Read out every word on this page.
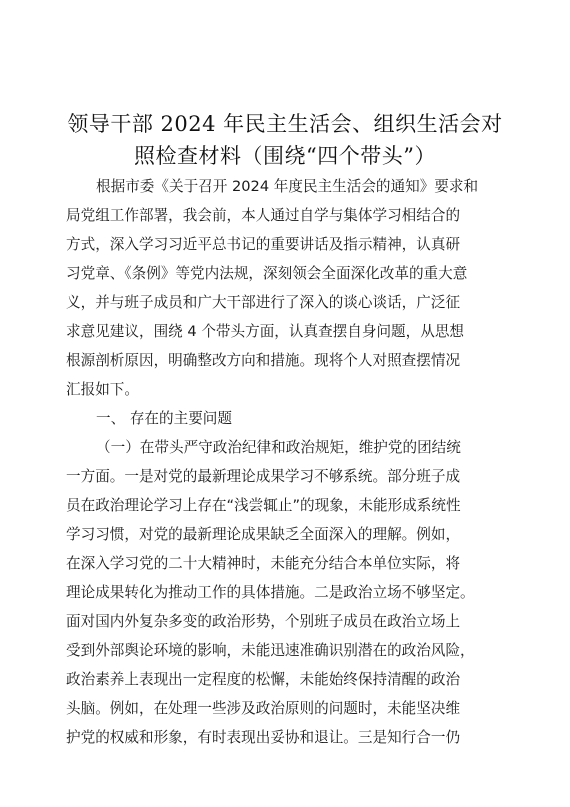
领导干部 2024 年民主生活会、组织生活会对
照检查材料（围绕“四个带头”）
根据市委《关于召开 2024 年度民主生活会的通知》要求和
局党组工作部署，我会前，本人通过自学与集体学习相结合的
方式，深入学习习近平总书记的重要讲话及指示精神，认真研
习党章、《条例》等党内法规，深刻领会全面深化改革的重大意
义，并与班子成员和广大干部进行了深入的谈心谈话，广泛征
求意见建议，围绕 4 个带头方面，认真查摆自身问题，从思想
根源剖析原因，明确整改方向和措施。现将个人对照查摆情况
汇报如下。
一、 存在的主要问题
（一）在带头严守政治纪律和政治规矩，维护党的团结统
一方面。一是对党的最新理论成果学习不够系统。部分班子成
员在政治理论学习上存在“浅尝辄止”的现象，未能形成系统性
学习习惯，对党的最新理论成果缺乏全面深入的理解。例如，
在深入学习党的二十大精神时，未能充分结合本单位实际，将
理论成果转化为推动工作的具体措施。二是政治立场不够坚定。
面对国内外复杂多变的政治形势，个别班子成员在政治立场上
受到外部舆论环境的影响，未能迅速准确识别潜在的政治风险，
政治素养上表现出一定程度的松懈，未能始终保持清醒的政治
头脑。例如，在处理一些涉及政治原则的问题时，未能坚决维
护党的权威和形象，有时表现出妥协和退让。三是知行合一仍
